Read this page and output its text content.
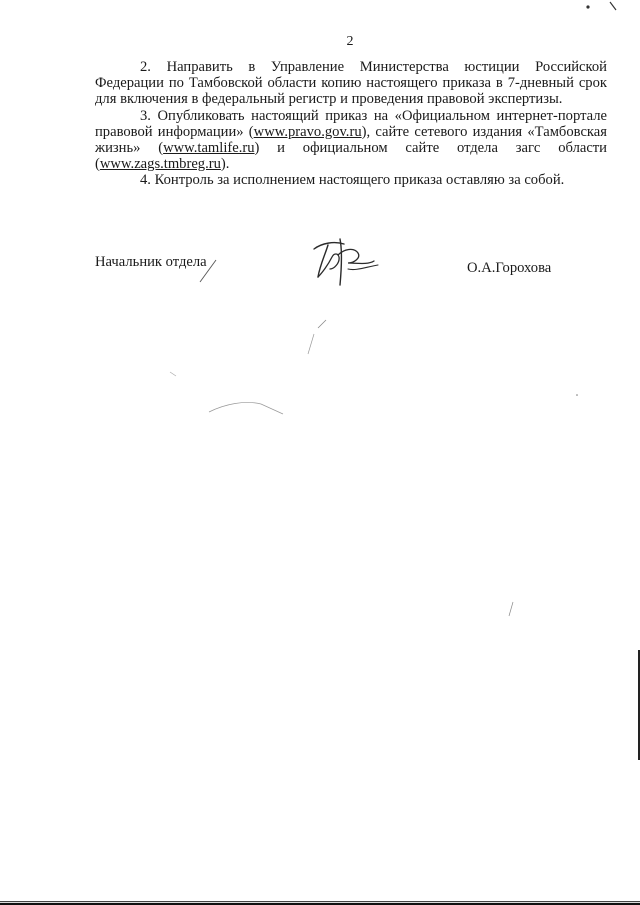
2

2. Направить в Управление Министерства юстиции Российской Федерации по Тамбовской области копию настоящего приказа в 7-дневный срок для включения в федеральный регистр и проведения правовой экспертизы.

3. Опубликовать настоящий приказ на «Официальном интернет-портале правовой информации» (www.pravo.gov.ru), сайте сетевого издания «Тамбовская жизнь» (www.tamlife.ru) и официальном сайте отдела загс области (www.zags.tmbreg.ru).

4. Контроль за исполнением настоящего приказа оставляю за собой.

Начальник отдела	О.А.Горохова
